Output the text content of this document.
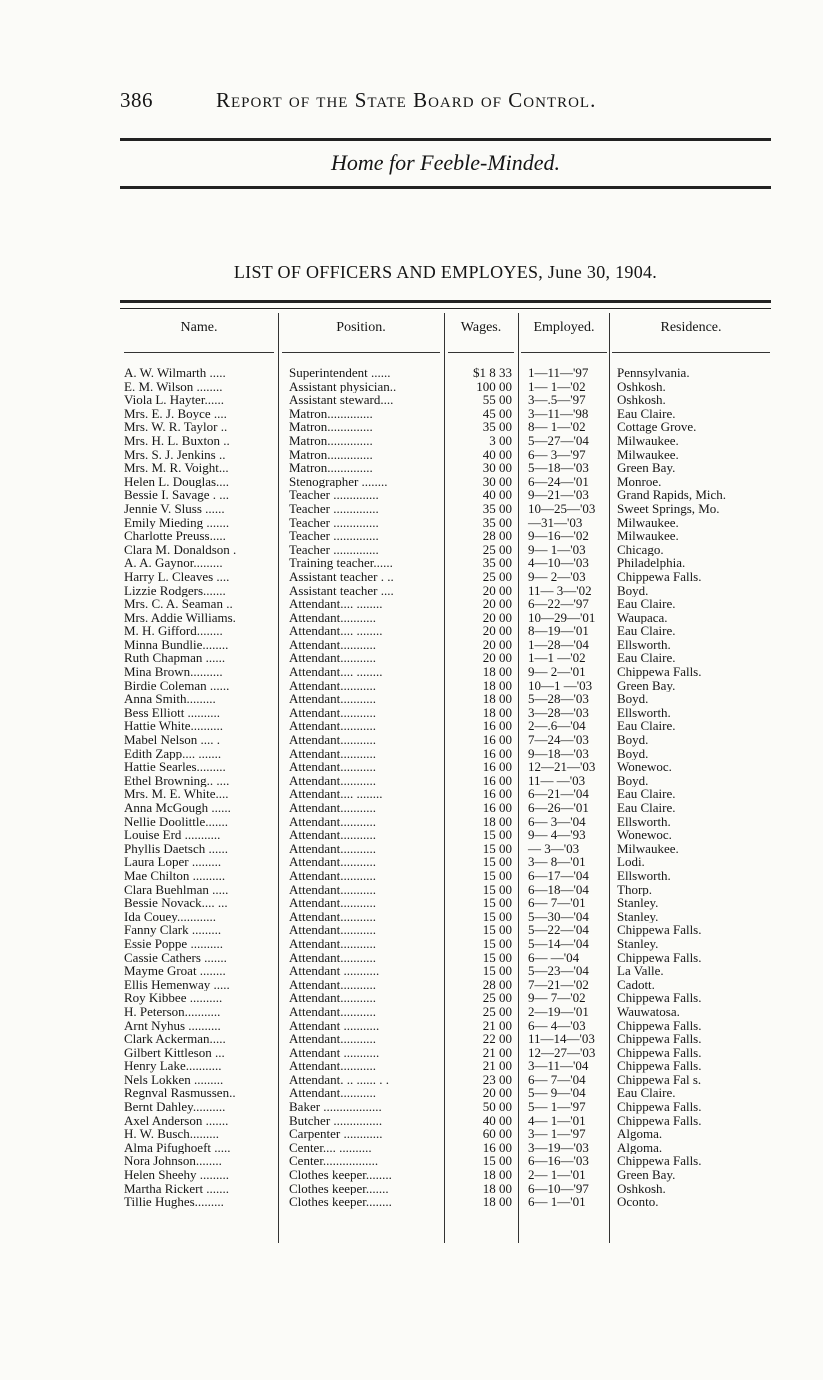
386	Report of the State Board of Control.
Home for Feeble-Minded.
LIST OF OFFICERS AND EMPLOYES, June 30, 1904.
Name.	Position.	Wages.	Employed.	Residence.
A. W. Wilmarth .....	Superintendent ......	$1 8 33 1—11—'97	Pennsylvania.
E. M. Wilson ........	Assistant physician..	100 00 1— 1—'02	Oshkosh.
Viola L. Hayter......	Assistant steward....	55 00 3—.5—'97	Oshkosh.
Mrs. E. J. Boyce ....	Matron..............	45 00 3—11—'98	Eau Claire.
Mrs. W. R. Taylor ..	Matron..............	35 00 8— 1—'02	Cottage Grove.
Mrs. H. L. Buxton ..	Matron..............	3 00 5—27—'04	Milwaukee.
Mrs. S. J. Jenkins ..	Matron..............	40 00 6— 3—'97	Milwaukee.
Mrs. M. R. Voight...	Matron..............	30 00 5—18—'03	Green Bay.
Helen L. Douglas....	Stenographer ........	30 00 6—24—'01	Monroe.
Bessie I. Savage . ...	Teacher ..............	40 00 9—21—'03	Grand Rapids, Mich.
Jennie V. Sluss ......	Teacher ..............	35 00 10—25—'03	Sweet Springs, Mo.
Emily Mieding .......	Teacher ..............	35 00 —31—'03	Milwaukee.
Charlotte Preuss.....	Teacher ..............	28 00 9—16—'02	Milwaukee.
Clara M. Donaldson .	Teacher ..............	25 00 9— 1—'03	Chicago.
A. A. Gaynor.........	Training teacher......	35 00 4—10—'03	Philadelphia.
Harry L. Cleaves ....	Assistant teacher . ..	25 00 9— 2—'03	Chippewa Falls.
Lizzie Rodgers.......	Assistant teacher ....	20 00 11— 3—'02	Boyd.
Mrs. C. A. Seaman ..	Attendant.... ........	20 00 6—22—'97	Eau Claire.
Mrs. Addie Williams.	Attendant...........	20 00 10—29—'01	Waupaca.
M. H. Gifford........	Attendant.... ........	20 00 8—19—'01	Eau Claire.
Minna Bundlie........	Attendant...........	20 00 1—28—'04	Ellsworth.
Ruth Chapman ......	Attendant...........	20 00 1—1 —'02	Eau Claire.
Mina Brown..........	Attendant.... ........	18 00 9— 2—'01	Chippewa Falls.
Birdie Coleman ......	Attendant...........	18 00 10—1 —'03	Green Bay.
Anna Smith.........	Attendant...........	18 00 5—28—'03	Boyd.
Bess Elliott ..........	Attendant...........	18 00 3—28—'03	Ellsworth.
Hattie White..........	Attendant...........	16 00 2—.6—'04	Eau Claire.
Mabel Nelson .... .	Attendant...........	16 00 7—24—'03	Boyd.
Edith Zapp.... .......	Attendant...........	16 00 9—18—'03	Boyd.
Hattie Searles.........	Attendant...........	16 00 12—21—'03	Wonewoc.
Ethel Browning.. ....	Attendant...........	16 00 11— —'03	Boyd.
Mrs. M. E. White....	Attendant.... ........	16 00 6—21—'04	Eau Claire.
Anna McGough ......	Attendant...........	16 00 6—26—'01	Eau Claire.
Nellie Doolittle.......	Attendant...........	18 00 6— 3—'04	Ellsworth.
Louise Erd ...........	Attendant...........	15 00 9— 4—'93	Wonewoc.
Phyllis Daetsch ......	Attendant...........	15 00 — 3—'03	Milwaukee.
Laura Loper .........	Attendant...........	15 00 3— 8—'01	Lodi.
Mae Chilton ..........	Attendant...........	15 00 6—17—'04	Ellsworth.
Clara Buehlman .....	Attendant...........	15 00 6—18—'04	Thorp.
Bessie Novack.... ...	Attendant...........	15 00 6— 7—'01	Stanley.
Ida Couey............	Attendant...........	15 00 5—30—'04	Stanley.
Fanny Clark .........	Attendant...........	15 00 5—22—'04	Chippewa Falls.
Essie Poppe ..........	Attendant...........	15 00 5—14—'04	Stanley.
Cassie Cathers .......	Attendant...........	15 00 6— —'04	Chippewa Falls.
Mayme Groat ........	Attendant ...........	15 00 5—23—'04	La Valle.
Ellis Hemenway .....	Attendant...........	28 00 7—21—'02	Cadott.
Roy Kibbee ..........	Attendant...........	25 00 9— 7—'02	Chippewa Falls.
H. Peterson...........	Attendant...........	25 00 2—19—'01	Wauwatosa.
Arnt Nyhus ..........	Attendant ...........	21 00 6— 4—'03	Chippewa Falls.
Clark Ackerman.....	Attendant...........	22 00 11—14—'03	Chippewa Falls.
Gilbert Kittleson ...	Attendant ...........	21 00 12—27—'03	Chippewa Falls.
Henry Lake...........	Attendant...........	21 00 3—11—'04	Chippewa Falls.
Nels Lokken .........	Attendant. .. ...... . .	23 00 6— 7—'04	Chippewa Fal s.
Regnval Rasmussen..	Attendant...........	20 00 5— 9—'04	Eau Claire.
Bernt Dahley..........	Baker ..................	50 00 5— 1—'97	Chippewa Falls.
Axel Anderson .......	Butcher ...............	40 00 4— 1—'01	Chippewa Falls.
H. W. Busch.........	Carpenter ............	60 00 3— 1—'97	Algoma.
Alma Pifughoeft .....	Center.... ..........	16 00 3—19—'03	Algoma.
Nora Johnson........	Center.................	15 00 6—16—'03	Chippewa Falls.
Helen Sheehy .........	Clothes keeper........	18 00 2— 1—'01	Green Bay.
Martha Rickert .......	Clothes keeper.......	18 00 6—10—'97	Oshkosh.
Tillie Hughes.........	Clothes keeper........	18 00 6— 1—'01	Oconto.
